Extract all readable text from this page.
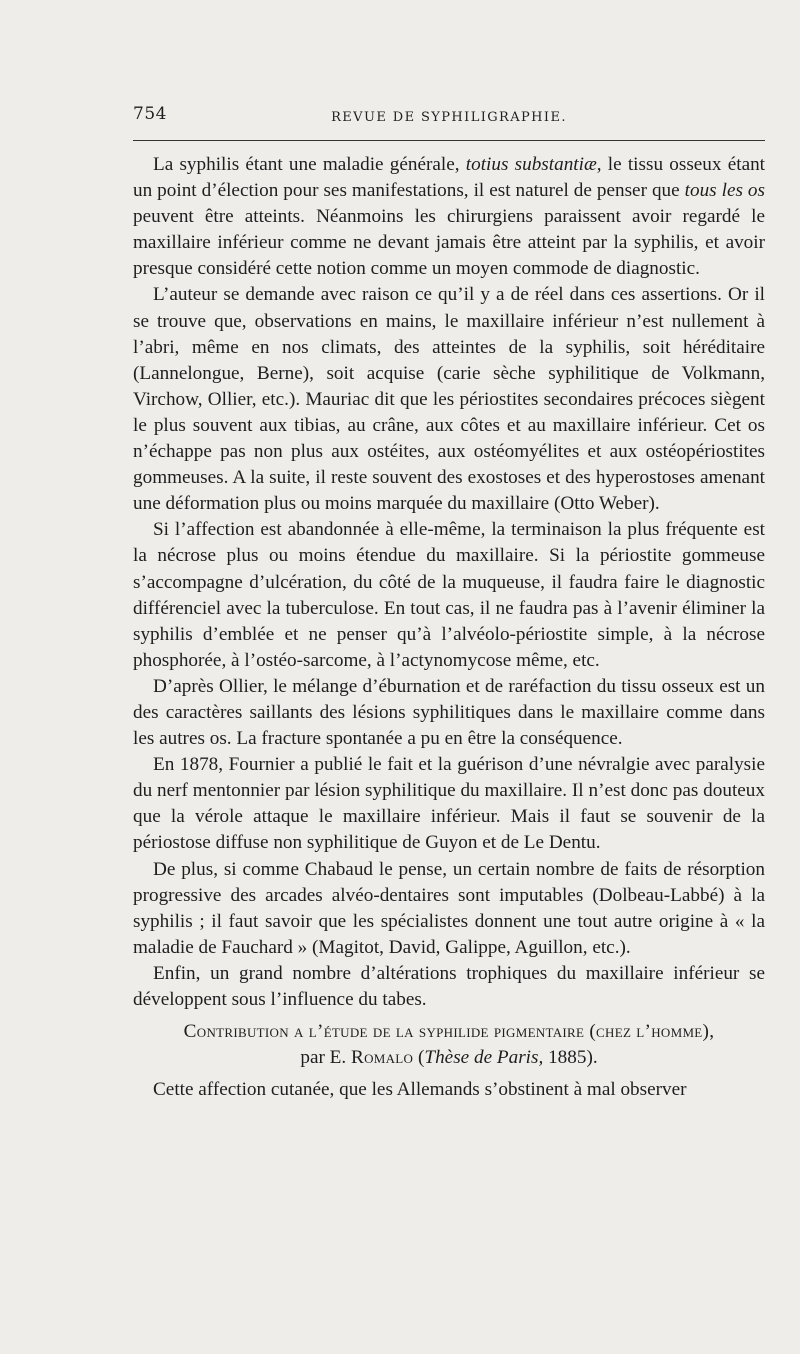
754	REVUE DE SYPHILIGRAPHIE.

La syphilis étant une maladie générale, totius substantiæ, le tissu osseux étant un point d’élection pour ses manifestations, il est naturel de penser que tous les os peuvent être atteints. Néanmoins les chirurgiens paraissent avoir regardé le maxillaire inférieur comme ne devant jamais être atteint par la syphilis, et avoir presque considéré cette notion comme un moyen commode de diagnostic.

L’auteur se demande avec raison ce qu’il y a de réel dans ces assertions. Or il se trouve que, observations en mains, le maxillaire inférieur n’est nullement à l’abri, même en nos climats, des atteintes de la syphilis, soit héréditaire (Lannelongue, Berne), soit acquise (carie sèche syphilitique de Volkmann, Virchow, Ollier, etc.). Mauriac dit que les périostites secondaires précoces siègent le plus souvent aux tibias, au crâne, aux côtes et au maxillaire inférieur. Cet os n’échappe pas non plus aux ostéites, aux ostéomyélites et aux ostéopériostites gommeuses. A la suite, il reste souvent des exostoses et des hyperostoses amenant une déformation plus ou moins marquée du maxillaire (Otto Weber).

Si l’affection est abandonnée à elle-même, la terminaison la plus fréquente est la nécrose plus ou moins étendue du maxillaire. Si la périostite gommeuse s’accompagne d’ulcération, du côté de la muqueuse, il faudra faire le diagnostic différenciel avec la tuberculose. En tout cas, il ne faudra pas à l’avenir éliminer la syphilis d’emblée et ne penser qu’à l’alvéolo-périostite simple, à la nécrose phosphorée, à l’ostéo-sarcome, à l’actynomycose même, etc.

D’après Ollier, le mélange d’éburnation et de raréfaction du tissu osseux est un des caractères saillants des lésions syphilitiques dans le maxillaire comme dans les autres os. La fracture spontanée a pu en être la conséquence.

En 1878, Fournier a publié le fait et la guérison d’une névralgie avec paralysie du nerf mentonnier par lésion syphilitique du maxillaire. Il n’est donc pas douteux que la vérole attaque le maxillaire inférieur. Mais il faut se souvenir de la périostose diffuse non syphilitique de Guyon et de Le Dentu.

De plus, si comme Chabaud le pense, un certain nombre de faits de résorption progressive des arcades alvéo-dentaires sont imputables (Dolbeau-Labbé) à la syphilis ; il faut savoir que les spécialistes donnent une tout autre origine à « la maladie de Fauchard » (Magitot, David, Galippe, Aguillon, etc.).

Enfin, un grand nombre d’altérations trophiques du maxillaire inférieur se développent sous l’influence du tabes.

Contribution a l’étude de la syphilide pigmentaire (chez l’homme),
par E. Romalo (Thèse de Paris, 1885).

Cette affection cutanée, que les Allemands s’obstinent à mal observer
